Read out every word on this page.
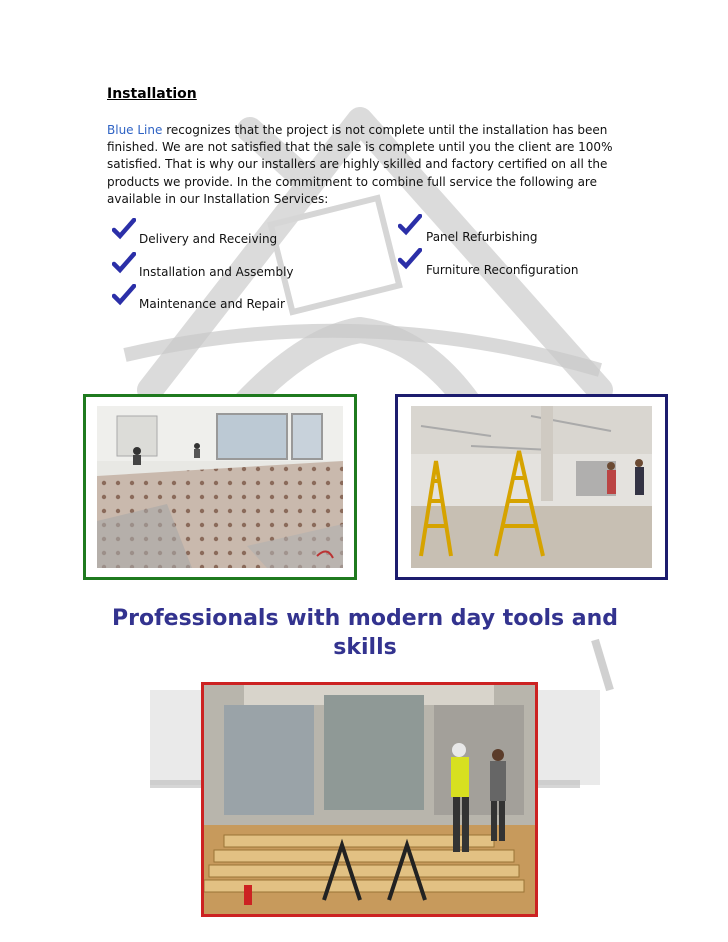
Installation

Blue Line recognizes that the project is not complete until the installation has been finished. We are not satisfied that the sale is complete until you the client are 100% satisfied. That is why our installers are highly skilled and factory certified on all the products we provide. In the commitment to combine full service the following are available in our Installation Services:

Delivery and Receiving
Installation and Assembly
Maintenance and Repair
Panel Refurbishing
Furniture Reconfiguration
Professionals with modern day tools and skills
